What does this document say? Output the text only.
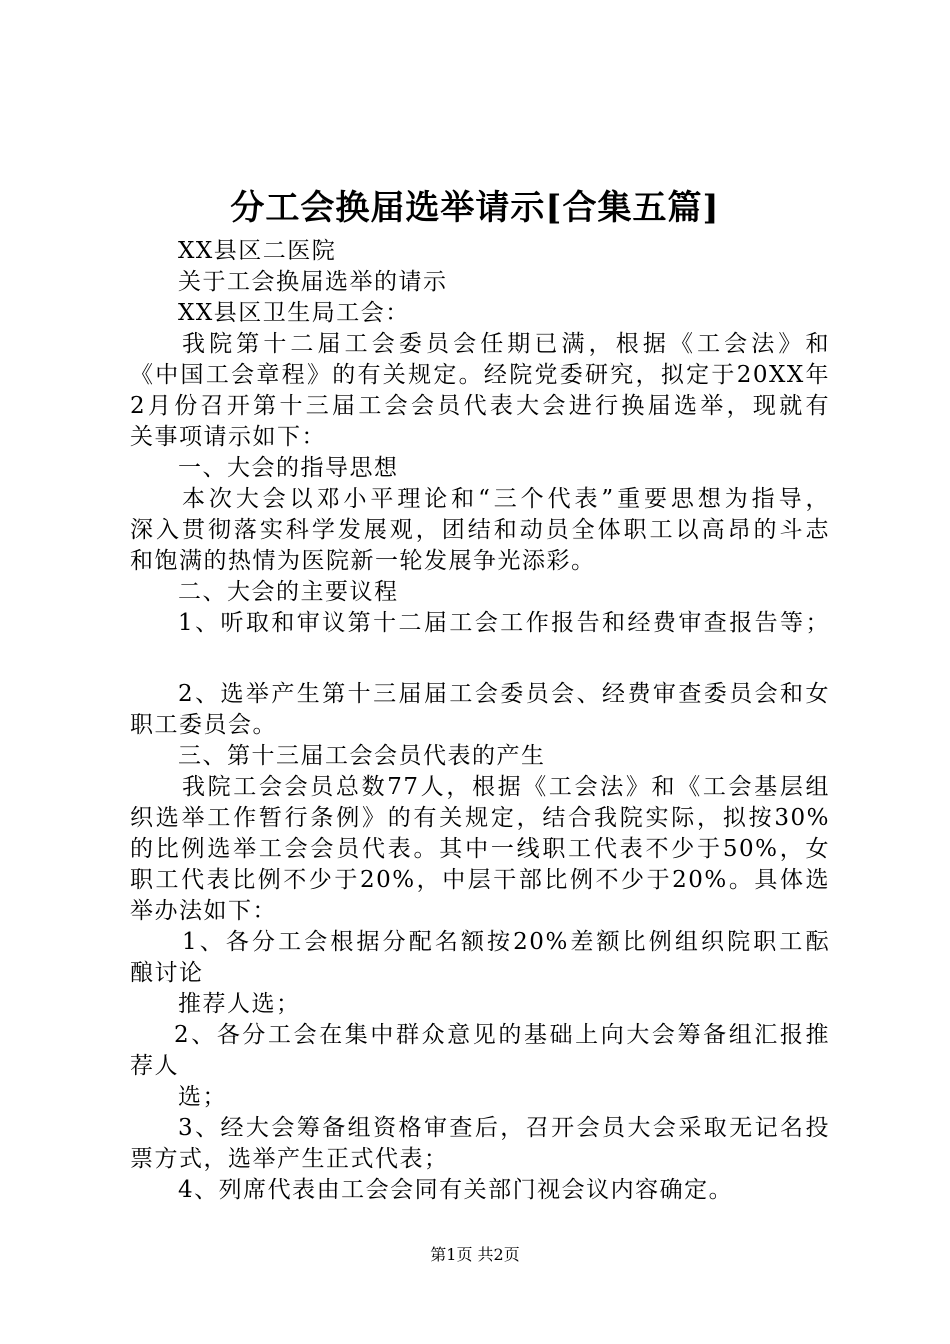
分工会换届选举请示[合集五篇]
XX县区二医院
关于工会换届选举的请示
XX县区卫生局工会：
我院第十二届工会委员会任期已满，根据《工会法》和
《中国工会章程》的有关规定。经院党委研究，拟定于20XX年
2月份召开第十三届工会会员代表大会进行换届选举，现就有
关事项请示如下：
一、大会的指导思想
本次大会以邓小平理论和“三个代表”重要思想为指导，
深入贯彻落实科学发展观，团结和动员全体职工以高昂的斗志
和饱满的热情为医院新一轮发展争光添彩。
二、大会的主要议程
1、听取和审议第十二届工会工作报告和经费审查报告等；
2、选举产生第十三届届工会委员会、经费审查委员会和女
职工委员会。
三、第十三届工会会员代表的产生
我院工会会员总数77人，根据《工会法》和《工会基层组
织选举工作暂行条例》的有关规定，结合我院实际，拟按30%
的比例选举工会会员代表。其中一线职工代表不少于50%，女
职工代表比例不少于20%，中层干部比例不少于20%。具体选
举办法如下：
1、各分工会根据分配名额按20%差额比例组织院职工酝
酿讨论
推荐人选；
2、各分工会在集中群众意见的基础上向大会筹备组汇报推
荐人
选；
3、经大会筹备组资格审查后，召开会员大会采取无记名投
票方式，选举产生正式代表；
4、列席代表由工会会同有关部门视会议内容确定。
第1页 共2页
